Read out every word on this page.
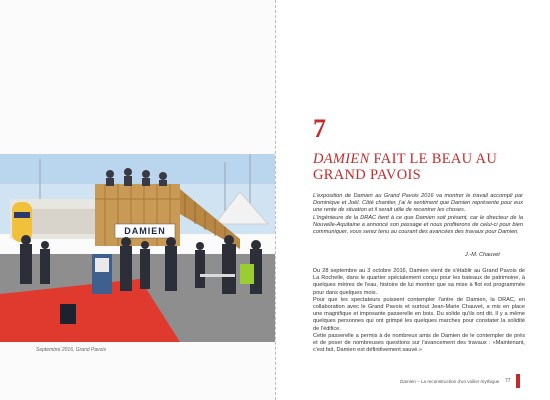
DAMIEN
Septembre 2016, Grand Pavois
7
DAMIEN FAIT LE BEAU AU GRAND PAVOIS

L'exposition de Damien au Grand Pavois 2016 va montrer le travail accompli par Dominique et Joël. Côté chantier, j'ai le sentiment que Damien représente pour eux une rente de situation et il serait utile de recentrer les choses.

L'ingénieure de la DRAC tient à ce que Damien soit présent, car le directeur de la Nouvelle-Aquitaine a annoncé son passage et nous profiterons de celui-ci pour bien communiquer, vous serez tenu au courant des avancées des travaux pour Damien.

J.-M. Chauvet

Du 28 septembre au 3 octobre 2016, Damien vient de s'établir au Grand Pavois de La Rochelle, dans le quartier spécialement conçu pour les bateaux de patrimoine, à quelques mètres de l'eau, histoire de lui montrer que sa mise à flot est programmée pour dans quelques mois.

Pour que les spectateurs puissent contempler l'antre de Damien, la DRAC, en collaboration avec le Grand Pavois et surtout Jean-Marie Chauvet, a mis en place une magnifique et imposante passerelle en bois. Du solide qu'ils ont dit. Il y a même quelques personnes qui ont grimpé les quelques marches pour constater la solidité de l'édifice.

Cette passerelle a permis à de nombreux amis de Damien de le contempler de près et de poser de nombreuses questions sur l'avancement des travaux : «Maintenant, c'est fait, Damien est définitivement sauvé.»

Damien – La reconstruction d'un voilier mythique 77
